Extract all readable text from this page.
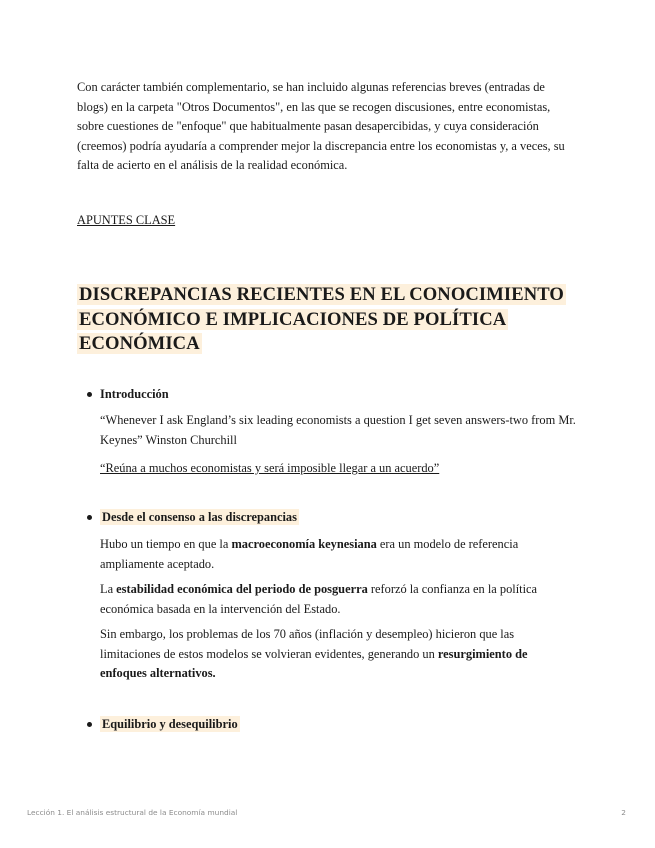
Con carácter también complementario, se han incluido algunas referencias breves (entradas de blogs) en la carpeta "Otros Documentos", en las que se recogen discusiones, entre economistas, sobre cuestiones de "enfoque" que habitualmente pasan desapercibidas, y cuya consideración (creemos) podría ayudaría a comprender mejor la discrepancia entre los economistas y, a veces, su falta de acierto en el análisis de la realidad económica.

APUNTES CLASE

DISCREPANCIAS RECIENTES EN EL CONOCIMIENTO ECONÓMICO E IMPLICACIONES DE POLÍTICA ECONÓMICA

Introducción

“Whenever I ask England’s six leading economists a question I get seven answers-two from Mr. Keynes” Winston Churchill

“Reúna a muchos economistas y será imposible llegar a un acuerdo”

Desde el consenso a las discrepancias

Hubo un tiempo en que la macroeconomía keynesiana era un modelo de referencia ampliamente aceptado.

La estabilidad económica del periodo de posguerra reforzó la confianza en la política económica basada en la intervención del Estado.

Sin embargo, los problemas de los 70 años (inflación y desempleo) hicieron que las limitaciones de estos modelos se volvieran evidentes, generando un resurgimiento de enfoques alternativos.

Equilibrio y desequilibrio

Lección 1. El análisis estructural de la Economía mundial	2
